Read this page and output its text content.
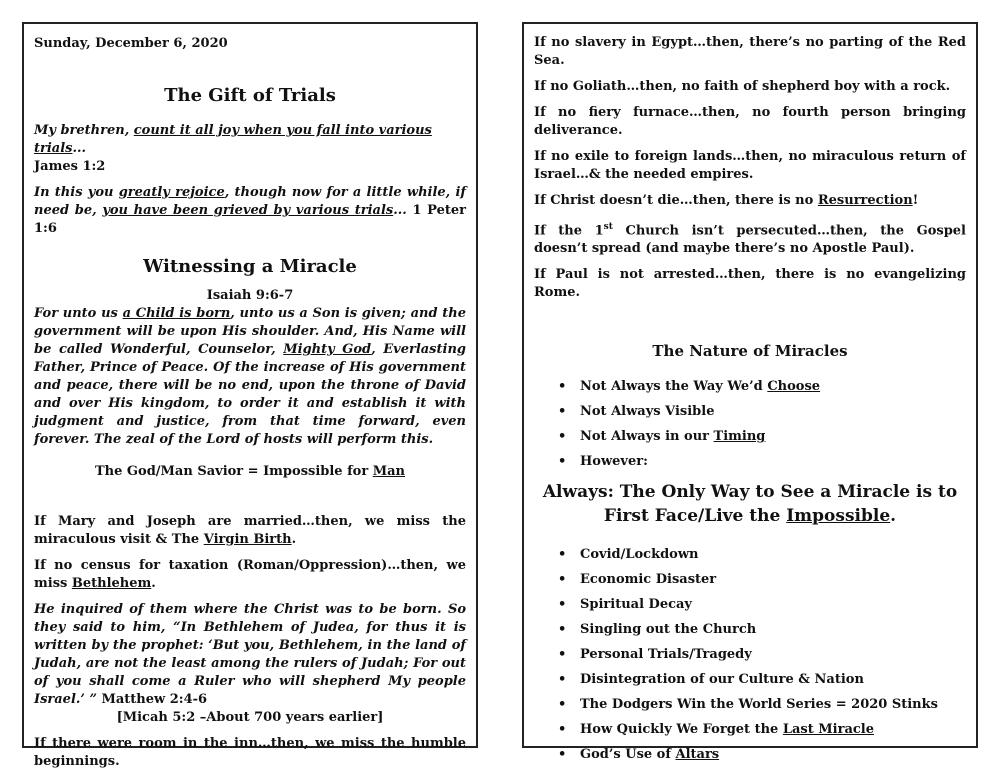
Sunday, December 6, 2020

The Gift of Trials

My brethren, count it all joy when you fall into various trials...
James 1:2

In this you greatly rejoice, though now for a little while, if need be, you have been grieved by various trials... 1 Peter 1:6

Witnessing a Miracle

Isaiah 9:6-7

For unto us a Child is born, unto us a Son is given; and the government will be upon His shoulder. And, His Name will be called Wonderful, Counselor, Mighty God, Everlasting Father, Prince of Peace. Of the increase of His government and peace, there will be no end, upon the throne of David and over His kingdom, to order it and establish it with judgment and justice, from that time forward, even forever. The zeal of the Lord of hosts will perform this.

The God/Man Savior = Impossible for Man

If Mary and Joseph are married…then, we miss the miraculous visit & The Virgin Birth.

If no census for taxation (Roman/Oppression)…then, we miss Bethlehem.

He inquired of them where the Christ was to be born. So they said to him, “In Bethlehem of Judea, for thus it is written by the prophet: ‘But you, Bethlehem, in the land of Judah, are not the least among the rulers of Judah; For out of you shall come a Ruler who will shepherd My people Israel.’ ” Matthew 2:4-6

[Micah 5:2 –About 700 years earlier]

If there were room in the inn…then, we miss the humble beginnings.

If no slavery in Egypt…then, there’s no parting of the Red Sea.

If no Goliath…then, no faith of shepherd boy with a rock.

If no fiery furnace…then, no fourth person bringing deliverance.

If no exile to foreign lands…then, no miraculous return of Israel…& the needed empires.

If Christ doesn’t die…then, there is no Resurrection!

If the 1st Church isn’t persecuted…then, the Gospel doesn’t spread (and maybe there’s no Apostle Paul).

If Paul is not arrested…then, there is no evangelizing Rome.

The Nature of Miracles

• Not Always the Way We’d Choose
• Not Always Visible
• Not Always in our Timing
• However:

Always: The Only Way to See a Miracle is to First Face/Live the Impossible.

• Covid/Lockdown
• Economic Disaster
• Spiritual Decay
• Singling out the Church
• Personal Trials/Tragedy
• Disintegration of our Culture & Nation
• The Dodgers Win the World Series = 2020 Stinks
• How Quickly We Forget the Last Miracle
• God’s Use of Altars
